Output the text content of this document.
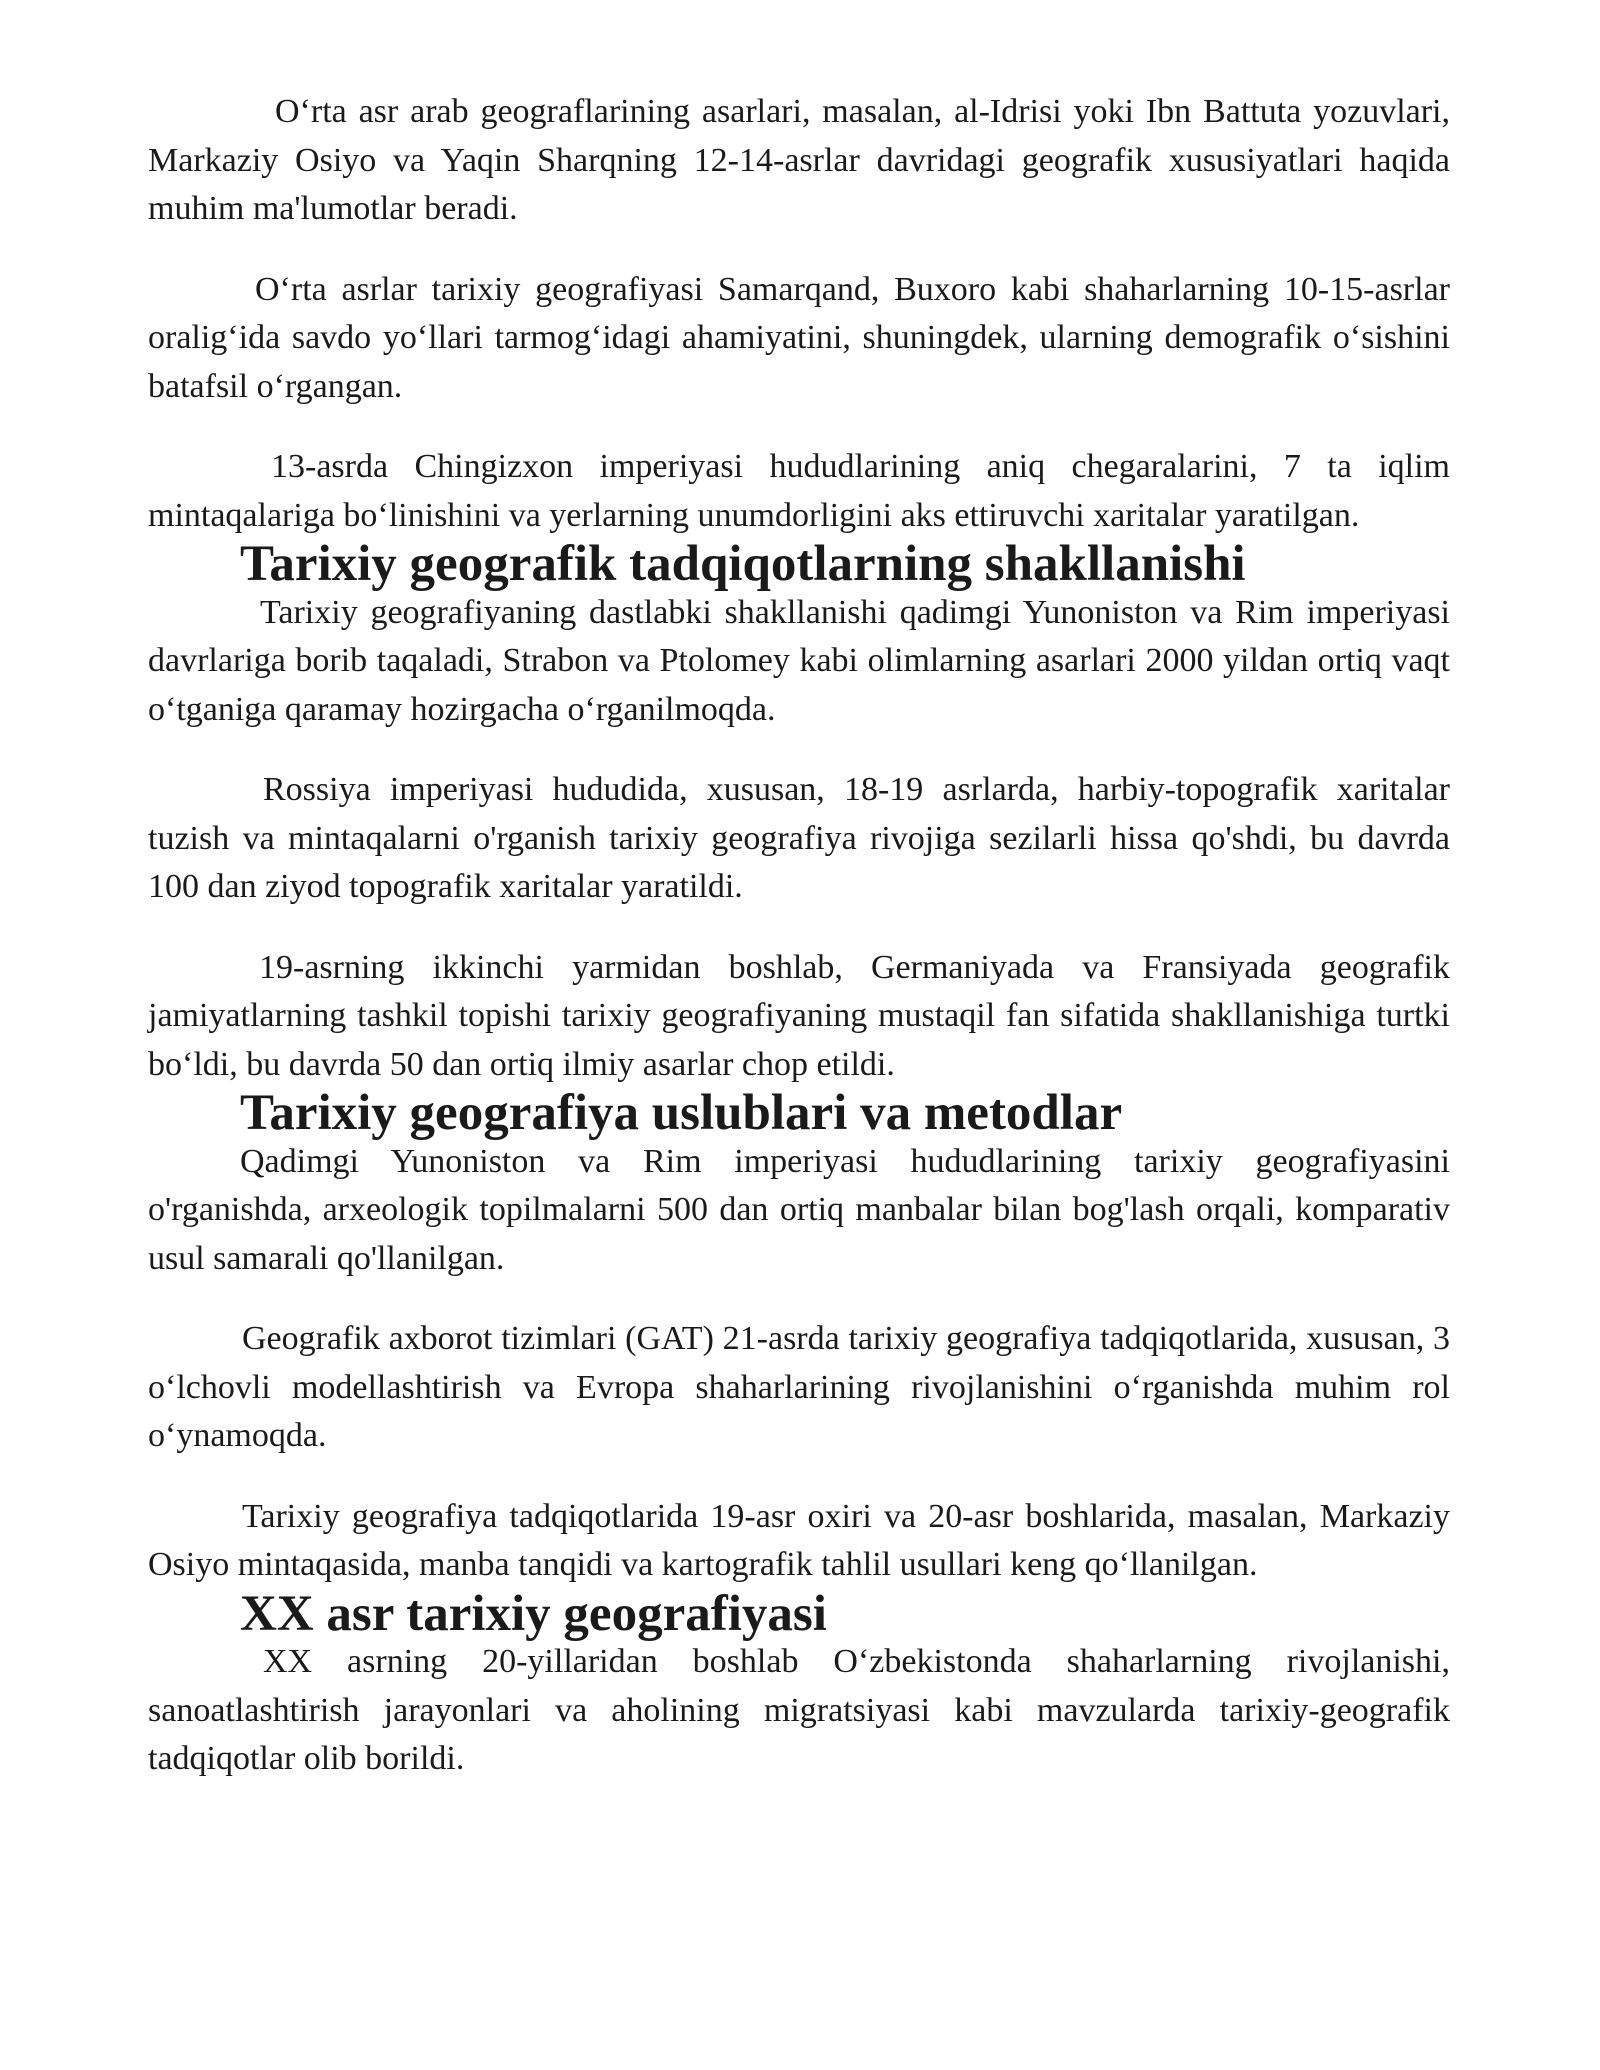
Oʻrta asr arab geograflarining asarlari, masalan, al-Idrisi yoki Ibn Battuta yozuvlari, Markaziy Osiyo va Yaqin Sharqning 12-14-asrlar davridagi geografik xususiyatlari haqida muhim ma'lumotlar beradi.

Oʻrta asrlar tarixiy geografiyasi Samarqand, Buxoro kabi shaharlarning 10-15-asrlar oraligʻida savdo yoʻllari tarmogʻidagi ahamiyatini, shuningdek, ularning demografik oʻsishini batafsil oʻrgangan.

13-asrda Chingizxon imperiyasi hududlarining aniq chegaralarini, 7 ta iqlim mintaqalariga boʻlinishini va yerlarning unumdorligini aks ettiruvchi xaritalar yaratilgan.

Tarixiy geografik tadqiqotlarning shakllanishi

Tarixiy geografiyaning dastlabki shakllanishi qadimgi Yunoniston va Rim imperiyasi davrlariga borib taqaladi, Strabon va Ptolomey kabi olimlarning asarlari 2000 yildan ortiq vaqt oʻtganiga qaramay hozirgacha oʻrganilmoqda.

Rossiya imperiyasi hududida, xususan, 18-19 asrlarda, harbiy-topografik xaritalar tuzish va mintaqalarni o'rganish tarixiy geografiya rivojiga sezilarli hissa qo'shdi, bu davrda 100 dan ziyod topografik xaritalar yaratildi.

19-asrning ikkinchi yarmidan boshlab, Germaniyada va Fransiyada geografik jamiyatlarning tashkil topishi tarixiy geografiyaning mustaqil fan sifatida shakllanishiga turtki boʻldi, bu davrda 50 dan ortiq ilmiy asarlar chop etildi.

Tarixiy geografiya uslublari va metodlar

Qadimgi Yunoniston va Rim imperiyasi hududlarining tarixiy geografiyasini o'rganishda, arxeologik topilmalarni 500 dan ortiq manbalar bilan bog'lash orqali, komparativ usul samarali qo'llanilgan.

Geografik axborot tizimlari (GAT) 21-asrda tarixiy geografiya tadqiqotlarida, xususan, 3 oʻlchovli modellashtirish va Evropa shaharlarining rivojlanishini oʻrganishda muhim rol oʻynamoqda.

Tarixiy geografiya tadqiqotlarida 19-asr oxiri va 20-asr boshlarida, masalan, Markaziy Osiyo mintaqasida, manba tanqidi va kartografik tahlil usullari keng qoʻllanilgan.

XX asr tarixiy geografiyasi

XX asrning 20-yillaridan boshlab Oʻzbekistonda shaharlarning rivojlanishi, sanoatlashtirish jarayonlari va aholining migratsiyasi kabi mavzularda tarixiy-geografik tadqiqotlar olib borildi.
